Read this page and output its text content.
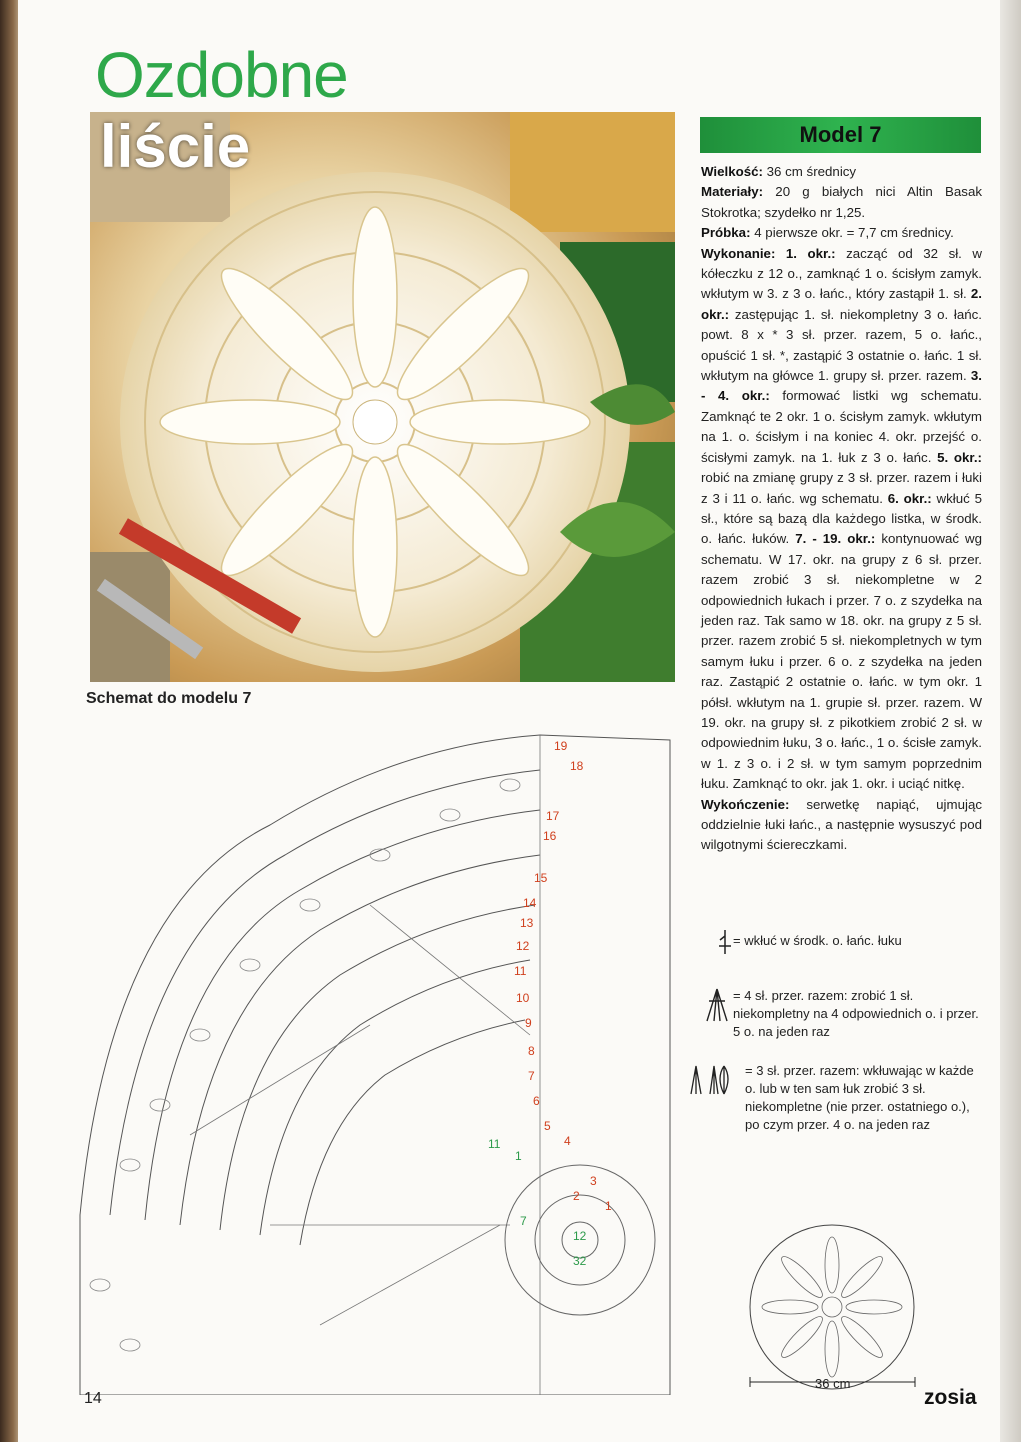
Ozdobne
liście	Model 7

Wielkość: 36 cm średnicy

Materiały: 20 g białych nici Altin Basak Stokrotka; szydełko nr 1,25.

Próbka: 4 pierwsze okr. = 7,7 cm średnicy.

Wykonanie: 1. okr.: zacząć od 32 sł. w kółeczku z 12 o., zamknąć 1 o. ścisłym zamyk. wkłutym w 3. z 3 o. łańc., który zastąpił 1. sł. 2. okr.: zastępując 1. sł. niekompletny 3 o. łańc. powt. 8 x * 3 sł. przer. razem, 5 o. łańc., opuścić 1 sł. *, zastąpić 3 ostatnie o. łańc. 1 sł. wkłutym na główce 1. grupy sł. przer. razem. 3. - 4. okr.: formować listki wg schematu. Zamknąć te 2 okr. 1 o. ścisłym zamyk. wkłutym na 1. o. ścisłym i na koniec 4. okr. przejść o. ścisłymi zamyk. na 1. łuk z 3 o. łańc. 5. okr.: robić na zmianę grupy z 3 sł. przer. razem i łuki z 3 i 11 o. łańc. wg schematu. 6. okr.: wkłuć 5 sł., które są bazą dla każdego listka, w środk. o. łańc. łuków. 7. - 19. okr.: kontynuować wg schematu. W 17. okr. na grupy z 6 sł. przer. razem zrobić 3 sł. niekompletne w 2 odpowiednich łukach i przer. 7 o. z szydełka na jeden raz. Tak samo w 18. okr. na grupy z 5 sł. przer. razem zrobić 5 sł. niekompletnych w tym samym łuku i przer. 6 o. z szydełka na jeden raz. Zastąpić 2 ostatnie o. łańc. w tym okr. 1 półsł. wkłutym na 1. grupie sł. przer. razem. W 19. okr. na grupy sł. z pikotkiem zrobić 2 sł. w odpowiednim łuku, 3 o. łańc., 1 o. ścisłe zamyk. w 1. z 3 o. i 2 sł. w tym samym poprzednim łuku. Zamknąć to okr. jak 1. okr. i uciąć nitkę.

Wykończenie: serwetkę napiąć, ujmując oddzielnie łuki łańc., a następnie wysuszyć pod wilgotnymi ściereczkami.

Schemat do modelu 7
19
18
17
16
15
14
13
12
11
10
9
8
7
6
5
4
3
2
1
12
32
11
1
7
= wkłuć w środk. o. łańc. łuku
= 4 sł. przer. razem: zrobić 1 sł. niekompletny na 4 odpowiednich o. i przer. 5 o. na jeden raz
= 3 sł. przer. razem: wkłuwając w każde o. lub w ten sam łuk zrobić 3 sł. niekompletne (nie przer. ostatniego o.), po czym przer. 4 o. na jeden raz
36 cm
14	zosia
